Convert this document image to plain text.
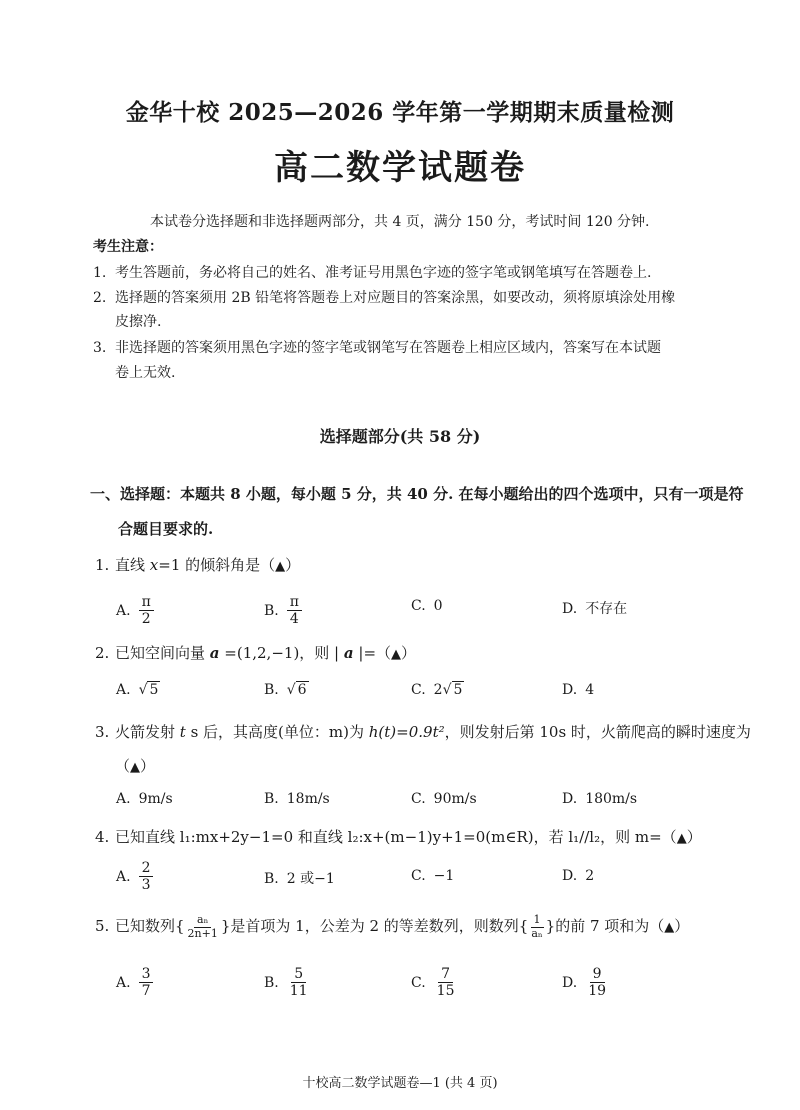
金华十校 2025—2026 学年第一学期期末质量检测
高二数学试题卷
本试卷分选择题和非选择题两部分，共 4 页，满分 150 分，考试时间 120 分钟.
考生注意：
1. 考生答题前，务必将自己的姓名、准考证号用黑色字迹的签字笔或钢笔填写在答题卷上.
2. 选择题的答案须用 2B 铅笔将答题卷上对应题目的答案涂黑，如要改动，须将原填涂处用橡
皮擦净.
3. 非选择题的答案须用黑色字迹的签字笔或钢笔写在答题卷上相应区域内，答案写在本试题
卷上无效.
选择题部分(共 58 分)
一、选择题：本题共 8 小题，每小题 5 分，共 40 分. 在每小题给出的四个选项中，只有一项是符
合题目要求的.
1. 直线 x=1 的倾斜角是（▲）
A. $\frac{\pi}{2}$	B. $\frac{\pi}{4}$	C. 0	D. 不存在
2. 已知空间向量 a =(1,2,−1)，则 | a |=（▲）
A. √ 5	B. √ 6	C. 2√ 5	D. 4
3. 火箭发射 t s 后，其高度(单位：m)为 h(t)=0.9t²，则发射后第 10s 时，火箭爬高的瞬时速度为
（▲）
A. 9m/s	B. 18m/s	C. 90m/s	D. 180m/s
4. 已知直线 l₁:mx+2y−1=0 和直线 l₂:x+(m−1)y+1=0(m∈R)，若 l₁//l₂，则 m=（▲）
A. $\frac{2}{3}$	B. 2 或−1	C. −1	D. 2
5. 已知数列{ $\frac{\text{aₙ}}{2n+1}$ }是首项为 1，公差为 2 的等差数列，则数列{ $\frac{1}{\text{aₙ}}$ }的前 7 项和为（▲）
A. $\frac{3}{7}$	B. $\frac{5}{11}$	C. $\frac{7}{15}$	D. $\frac{9}{19}$
十校高二数学试题卷—1 (共 4 页)
